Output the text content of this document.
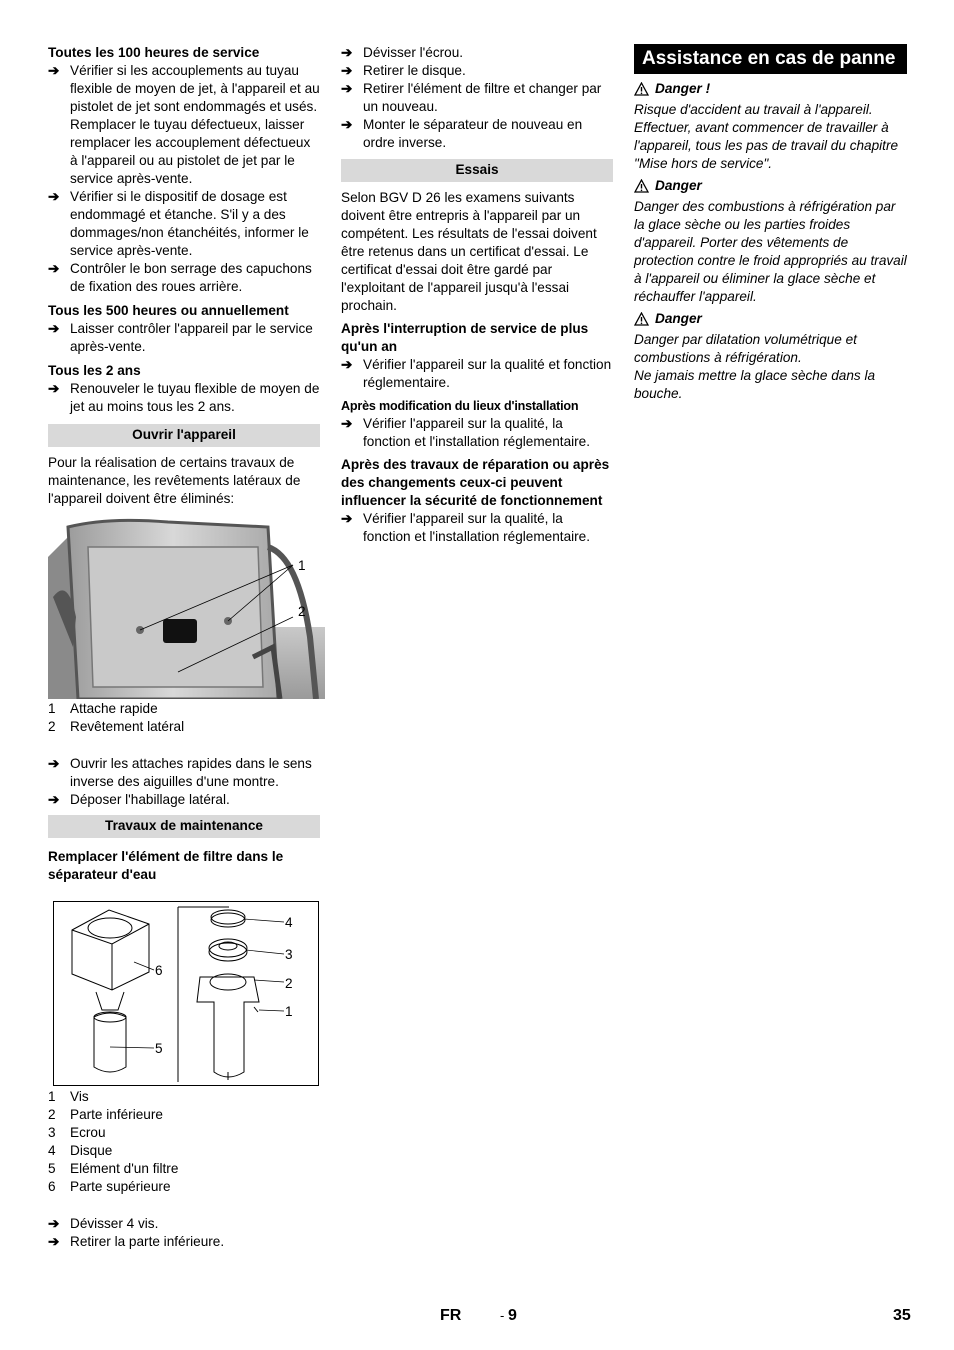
Toutes les 100 heures de service
➔ Vérifier si les accouplements au tuyau flexible de moyen de jet, à l'appareil et au pistolet de jet sont endommagés et usés. Remplacer le tuyau défectueux, laisser remplacer les accouplement défectueux à l'appareil ou au pistolet de jet par le service après-vente.
➔ Vérifier si le dispositif de dosage est endommagé et étanche. S'il y a des dommages/non étanchéités, informer le service après-vente.
➔ Contrôler le bon serrage des capuchons de fixation des roues arrière.
Tous les 500 heures ou annuellement
➔ Laisser contrôler l'appareil par le service après-vente.
Tous les 2 ans
➔ Renouveler le tuyau flexible de moyen de jet au moins tous les 2 ans.
Ouvrir l'appareil

Pour la réalisation de certains travaux de maintenance, les revêtements latéraux de l'appareil doivent être éliminés:

1
2
1 Attache rapide
2 Revêtement latéral
➔ Ouvrir les attaches rapides dans le sens inverse des aiguilles d'une montre.
➔ Déposer l'habillage latéral.
Travaux de maintenance
Remplacer l'élément de filtre dans le séparateur d'eau
4
3
2
1
6
5
1 Vis
2 Parte inférieure
3 Ecrou
4 Disque
5 Elément d'un filtre
6 Parte supérieure
➔ Dévisser 4 vis.
➔ Retirer la parte inférieure.
➔ Dévisser l'écrou.
➔ Retirer le disque.
➔ Retirer l'élément de filtre et changer par un nouveau.
➔ Monter le séparateur de nouveau en ordre inverse.
Essais

Selon BGV D 26 les examens suivants doivent être entrepris à l'appareil par un compétent. Les résultats de l'essai doivent être retenus dans un certificat d'essai. Le certificat d'essai doit être gardé par l'exploitant de l'appareil jusqu'à l'essai prochain.

Après l'interruption de service de plus qu'un an
➔ Vérifier l'appareil sur la qualité et fonction réglementaire.
Après modification du lieux d'installation
➔ Vérifier l'appareil sur la qualité, la fonction et l'installation réglementaire.
Après des travaux de réparation ou après des changements ceux-ci peuvent influencer la sécurité de fonctionnement
➔ Vérifier l'appareil sur la qualité, la fonction et l'installation réglementaire.
Assistance en cas de panne
Danger !

Risque d'accident au travail à l'appareil. Effectuer, avant commencer de travailler à l'appareil, tous les pas de travail du chapitre "Mise hors de service".

Danger

Danger des combustions à réfrigération par la glace sèche ou les parties froides d'appareil. Porter des vêtements de protection contre le froid appropriés au travail à l'appareil ou éliminer la glace sèche et réchauffer l'appareil.

Danger

Danger par dilatation volumétrique et combustions à réfrigération.
Ne jamais mettre la glace sèche dans la bouche.

FR	- 9	35
